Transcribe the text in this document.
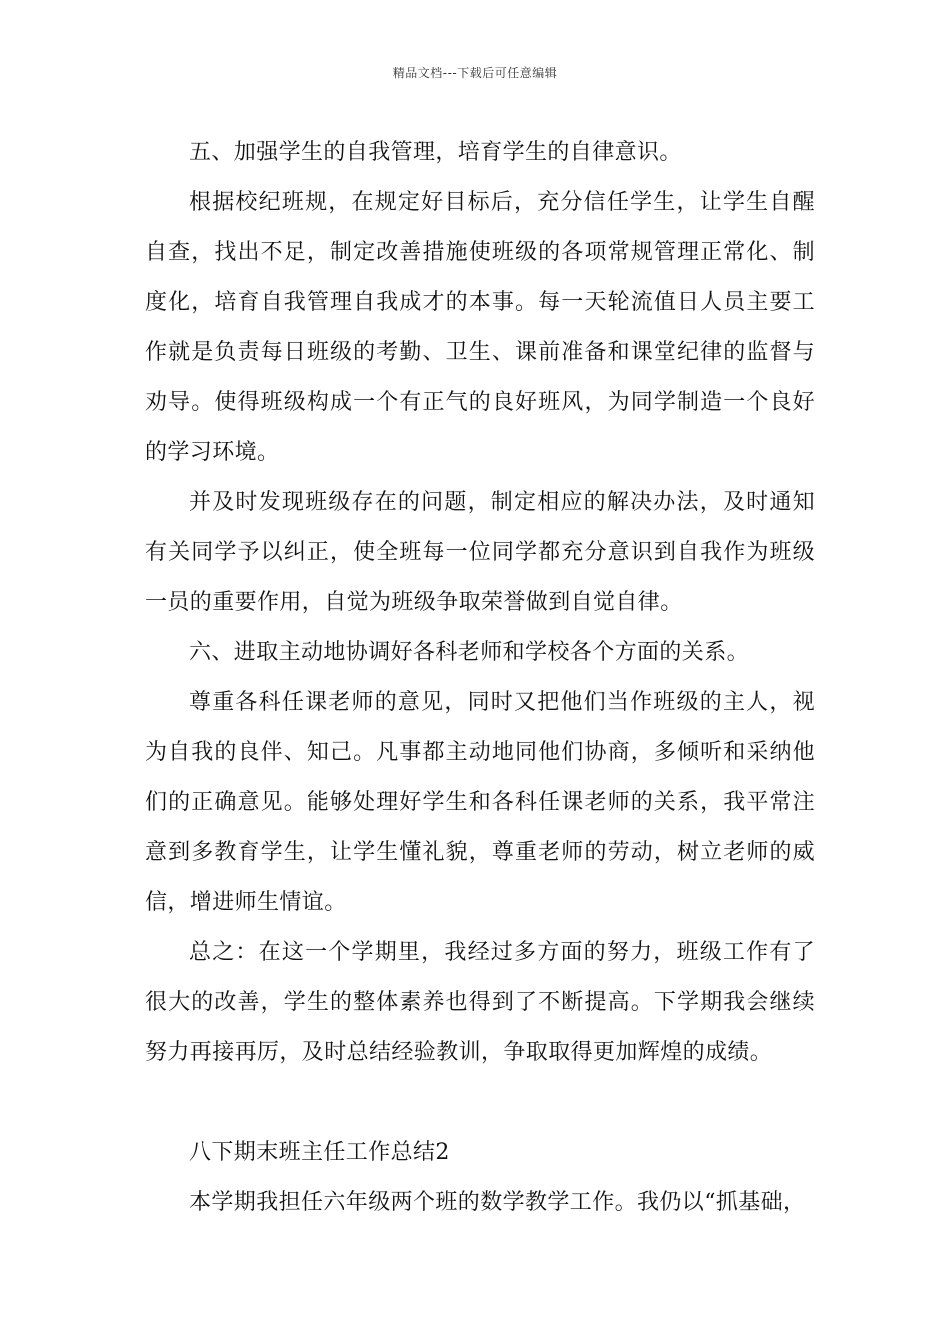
精品文档---下载后可任意编辑

五、加强学生的自我管理，培育学生的自律意识。

根据校纪班规，在规定好目标后，充分信任学生，让学生自醒自查，找出不足，制定改善措施使班级的各项常规管理正常化、制度化，培育自我管理自我成才的本事。每一天轮流值日人员主要工作就是负责每日班级的考勤、卫生、课前准备和课堂纪律的监督与劝导。使得班级构成一个有正气的良好班风，为同学制造一个良好的学习环境。

并及时发现班级存在的问题，制定相应的解决办法，及时通知有关同学予以纠正，使全班每一位同学都充分意识到自我作为班级一员的重要作用，自觉为班级争取荣誉做到自觉自律。

六、进取主动地协调好各科老师和学校各个方面的关系。

尊重各科任课老师的意见，同时又把他们当作班级的主人，视为自我的良伴、知己。凡事都主动地同他们协商，多倾听和采纳他们的正确意见。能够处理好学生和各科任课老师的关系，我平常注意到多教育学生，让学生懂礼貌，尊重老师的劳动，树立老师的威信，增进师生情谊。

总之：在这一个学期里，我经过多方面的努力，班级工作有了很大的改善，学生的整体素养也得到了不断提高。下学期我会继续努力再接再厉，及时总结经验教训，争取取得更加辉煌的成绩。

八下期末班主任工作总结2

本学期我担任六年级两个班的数学教学工作。我仍以“抓基础，
